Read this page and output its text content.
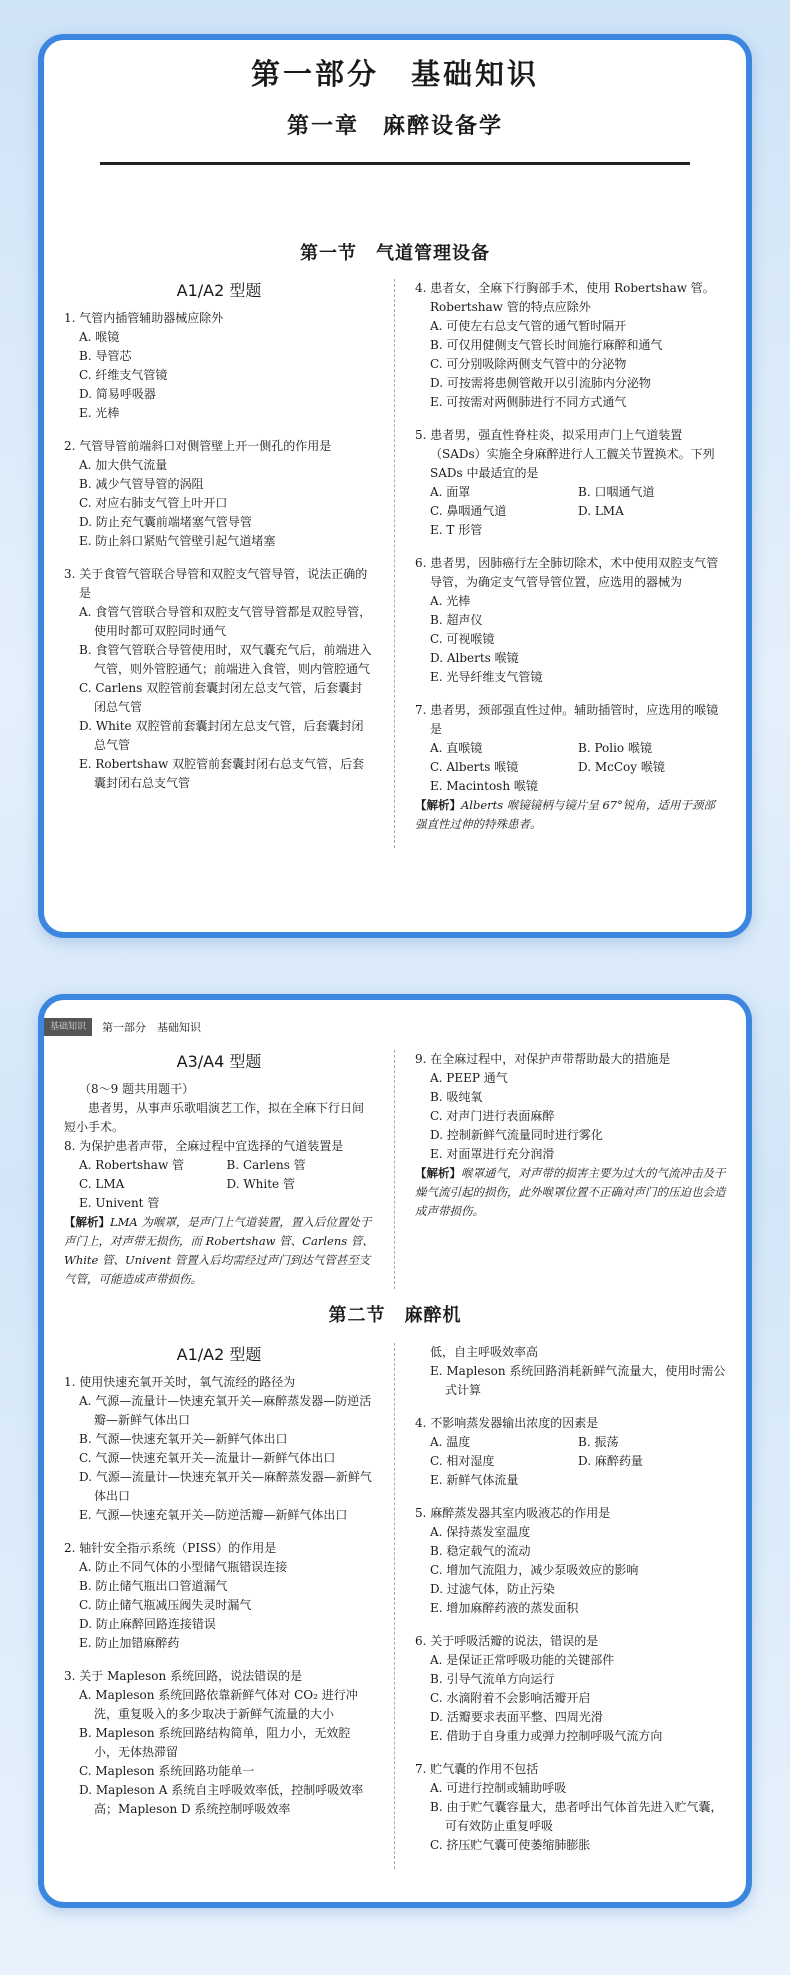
第一部分　基础知识
第一章　麻醉设备学
第一节　气道管理设备
A1/A2 型题
1. 气管内插管辅助器械应除外
A. 喉镜
B. 导管芯
C. 纤维支气管镜
D. 简易呼吸器
E. 光棒
2. 气管导管前端斜口对侧管壁上开一侧孔的作用是
A. 加大供气流量
B. 减少气管导管的涡阻
C. 对应右肺支气管上叶开口
D. 防止充气囊前端堵塞气管导管
E. 防止斜口紧贴气管壁引起气道堵塞
3. 关于食管气管联合导管和双腔支气管导管，说法正确的是
A. 食管气管联合导管和双腔支气管导管都是双腔导管，使用时都可双腔同时通气
B. 食管气管联合导管使用时，双气囊充气后，前端进入气管，则外管腔通气；前端进入食管，则内管腔通气
C. Carlens 双腔管前套囊封闭左总支气管，后套囊封闭总气管
D. White 双腔管前套囊封闭左总支气管，后套囊封闭总气管
E. Robertshaw 双腔管前套囊封闭右总支气管，后套囊封闭右总支气管
4. 患者女，全麻下行胸部手术，使用 Robertshaw 管。Robertshaw 管的特点应除外
A. 可使左右总支气管的通气暂时隔开
B. 可仅用健侧支气管长时间施行麻醉和通气
C. 可分别吸除两侧支气管中的分泌物
D. 可按需将患侧管敞开以引流肺内分泌物
E. 可按需对两侧肺进行不同方式通气
5. 患者男，强直性脊柱炎，拟采用声门上气道装置（SADs）实施全身麻醉进行人工髋关节置换术。下列 SADs 中最适宜的是
A. 面罩	B. 口咽通气道
C. 鼻咽通气道	D. LMA
E. T 形管
6. 患者男，因肺癌行左全肺切除术，术中使用双腔支气管导管，为确定支气管导管位置，应选用的器械为
A. 光棒
B. 超声仪
C. 可视喉镜
D. Alberts 喉镜
E. 光导纤维支气管镜
7. 患者男，颈部强直性过伸。辅助插管时，应选用的喉镜是
A. 直喉镜	B. Polio 喉镜
C. Alberts 喉镜	D. McCoy 喉镜
E. Macintosh 喉镜
【解析】Alberts 喉镜镜柄与镜片呈 67°锐角，适用于颈部强直性过伸的特殊患者。
基础知识	第一部分　基础知识
A3/A4 型题
（8～9 题共用题干）
患者男，从事声乐歌唱演艺工作，拟在全麻下行日间短小手术。
8. 为保护患者声带，全麻过程中宜选择的气道装置是
A. Robertshaw 管	B. Carlens 管
C. LMA	D. White 管
E. Univent 管
【解析】LMA 为喉罩，是声门上气道装置，置入后位置处于声门上，对声带无损伤，而 Robertshaw 管、Carlens 管、White 管、Univent 管置入后均需经过声门到达气管甚至支气管，可能造成声带损伤。
9. 在全麻过程中，对保护声带帮助最大的措施是
A. PEEP 通气
B. 吸纯氧
C. 对声门进行表面麻醉
D. 控制新鲜气流量同时进行雾化
E. 对面罩进行充分润滑
【解析】喉罩通气，对声带的损害主要为过大的气流冲击及干燥气流引起的损伤，此外喉罩位置不正确对声门的压迫也会造成声带损伤。
第二节　麻醉机
A1/A2 型题
1. 使用快速充氧开关时，氧气流经的路径为
A. 气源—流量计—快速充氧开关—麻醉蒸发器—防逆活瓣—新鲜气体出口
B. 气源—快速充氧开关—新鲜气体出口
C. 气源—快速充氧开关—流量计—新鲜气体出口
D. 气源—流量计—快速充氧开关—麻醉蒸发器—新鲜气体出口
E. 气源—快速充氧开关—防逆活瓣—新鲜气体出口
2. 轴针安全指示系统（PISS）的作用是
A. 防止不同气体的小型储气瓶错误连接
B. 防止储气瓶出口管道漏气
C. 防止储气瓶减压阀失灵时漏气
D. 防止麻醉回路连接错误
E. 防止加错麻醉药
3. 关于 Mapleson 系统回路，说法错误的是
A. Mapleson 系统回路依靠新鲜气体对 CO₂ 进行冲洗，重复吸入的多少取决于新鲜气流量的大小
B. Mapleson 系统回路结构简单，阻力小，无效腔小，无体热滞留
C. Mapleson 系统回路功能单一
D. Mapleson A 系统自主呼吸效率低，控制呼吸效率高；Mapleson D 系统控制呼吸效率
低，自主呼吸效率高
E. Mapleson 系统回路消耗新鲜气流量大，使用时需公式计算
4. 不影响蒸发器输出浓度的因素是
A. 温度	B. 振荡
C. 相对湿度	D. 麻醉药量
E. 新鲜气体流量
5. 麻醉蒸发器其室内吸液芯的作用是
A. 保持蒸发室温度
B. 稳定载气的流动
C. 增加气流阻力，减少泵吸效应的影响
D. 过滤气体，防止污染
E. 增加麻醉药液的蒸发面积
6. 关于呼吸活瓣的说法，错误的是
A. 是保证正常呼吸功能的关键部件
B. 引导气流单方向运行
C. 水滴附着不会影响活瓣开启
D. 活瓣要求表面平整、四周光滑
E. 借助于自身重力或弹力控制呼吸气流方向
7. 贮气囊的作用不包括
A. 可进行控制或辅助呼吸
B. 由于贮气囊容量大，患者呼出气体首先进入贮气囊，可有效防止重复呼吸
C. 挤压贮气囊可使萎缩肺膨胀
